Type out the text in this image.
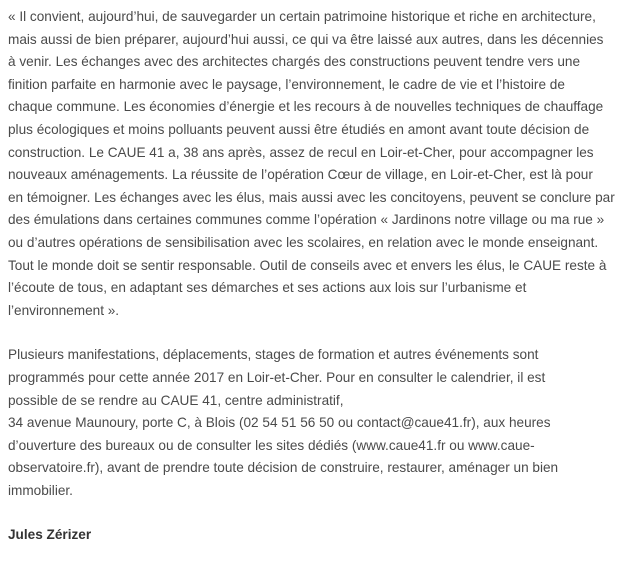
« Il convient, aujourd’hui, de sauvegarder un certain patrimoine historique et riche en architecture,
mais aussi de bien préparer, aujourd’hui aussi, ce qui va être laissé aux autres, dans les décennies
à venir. Les échanges avec des architectes chargés des constructions peuvent tendre vers une
finition parfaite en harmonie avec le paysage, l’environnement, le cadre de vie et l’histoire de
chaque commune. Les économies d’énergie et les recours à de nouvelles techniques de chauffage
plus écologiques et moins polluants peuvent aussi être étudiés en amont avant toute décision de
construction. Le CAUE 41 a, 38 ans après, assez de recul en Loir-et-Cher, pour accompagner les
nouveaux aménagements. La réussite de l’opération Cœur de village, en Loir-et-Cher, est là pour
en témoigner. Les échanges avec les élus, mais aussi avec les concitoyens, peuvent se conclure par
des émulations dans certaines communes comme l’opération « Jardinons notre village ou ma rue »
ou d’autres opérations de sensibilisation avec les scolaires, en relation avec le monde enseignant.
Tout le monde doit se sentir responsable. Outil de conseils avec et envers les élus, le CAUE reste à
l’écoute de tous, en adaptant ses démarches et ses actions aux lois sur l’urbanisme et
l’environnement ».

Plusieurs manifestations, déplacements, stages de formation et autres événements sont
programmés pour cette année 2017 en Loir-et-Cher. Pour en consulter le calendrier, il est
possible de se rendre au CAUE 41, centre administratif,
34 avenue Maunoury, porte C, à Blois (02 54 51 56 50 ou contact@caue41.fr), aux heures
d’ouverture des bureaux ou de consulter les sites dédiés (www.caue41.fr ou www.caue-
observatoire.fr), avant de prendre toute décision de construire, restaurer, aménager un bien
immobilier.

Jules Zérizer
